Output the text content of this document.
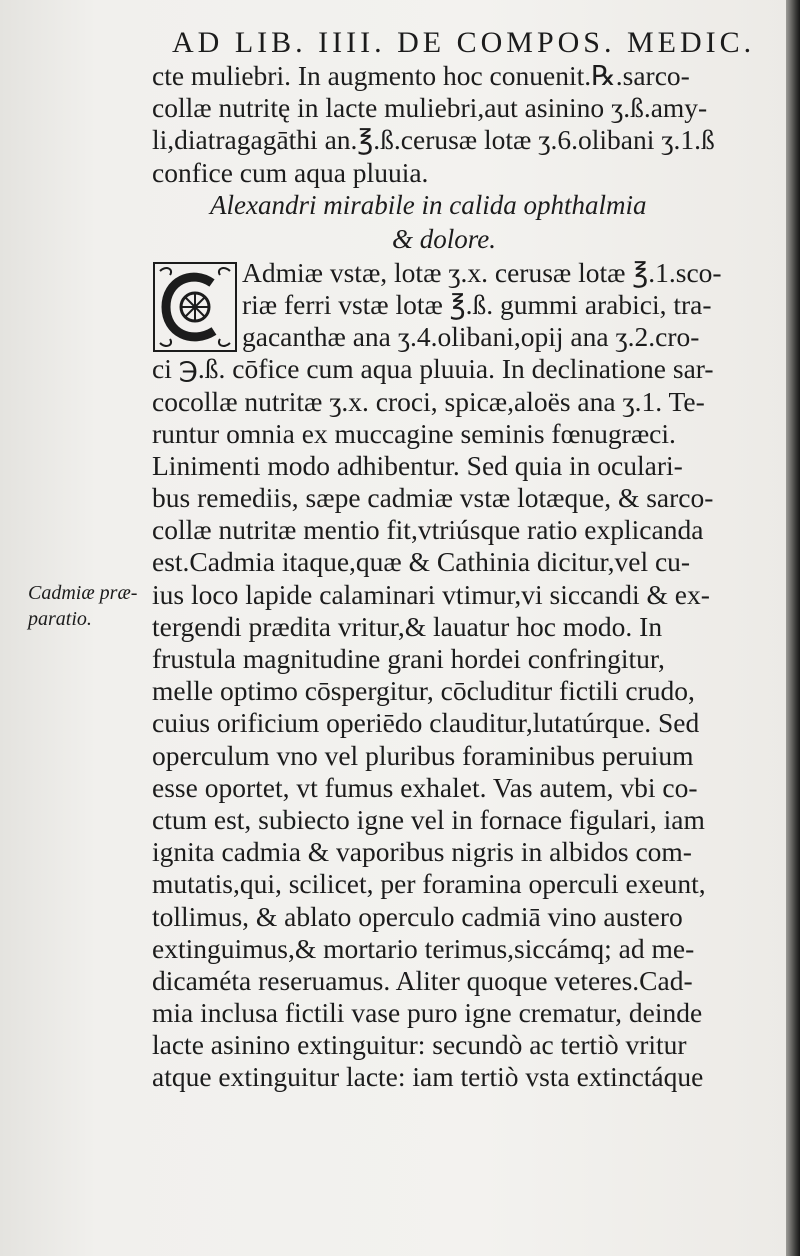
AD LIB. IIII. DE COMPOS. MEDIC.
Cadmiæ præ-
paratio.
cte muliebri. In augmento hoc conuenit.℞.sarco-
collæ nutritę in lacte muliebri,aut asinino ʒ.ß.amy-
li,diatragagāthi an.℥.ß.cerusæ lotæ ʒ.6.olibani ʒ.1.ß
confice cum aqua pluuia.
Alexandri mirabile in calida ophthalmia
& dolore.
C
Admiæ vstæ, lotæ ʒ.x. cerusæ lotæ ℥.1.sco-
riæ ferri vstæ lotæ ℥.ß. gummi arabici, tra-
gacanthæ ana ʒ.4.olibani,opij ana ʒ.2.cro-
ci ℈.ß. cōfice cum aqua pluuia. In declinatione sar-
cocollæ nutritæ ʒ.x. croci, spicæ,aloës ana ʒ.1. Te-
runtur omnia ex muccagine seminis fœnugræci.
Linimenti modo adhibentur. Sed quia in oculari-
bus remediis, sæpe cadmiæ vstæ lotæque, & sarco-
collæ nutritæ mentio fit,vtriúsque ratio explicanda
est.Cadmia itaque,quæ & Cathinia dicitur,vel cu-
ius loco lapide calaminari vtimur,vi siccandi & ex-
tergendi prædita vritur,& lauatur hoc modo. In
frustula magnitudine grani hordei confringitur,
melle optimo cōspergitur, cōcluditur fictili crudo,
cuius orificium operiēdo clauditur,lutatúrque. Sed
operculum vno vel pluribus foraminibus peruium
esse oportet, vt fumus exhalet. Vas autem, vbi co-
ctum est, subiecto igne vel in fornace figulari, iam
ignita cadmia & vaporibus nigris in albidos com-
mutatis,qui, scilicet, per foramina operculi exeunt,
tollimus, & ablato operculo cadmiā vino austero
extinguimus,& mortario terimus,siccámq; ad me-
dicaméta reseruamus. Aliter quoque veteres.Cad-
mia inclusa fictili vase puro igne crematur, deinde
lacte asinino extinguitur: secundò ac tertiò vritur
atque extinguitur lacte: iam tertiò vsta extinctáque
